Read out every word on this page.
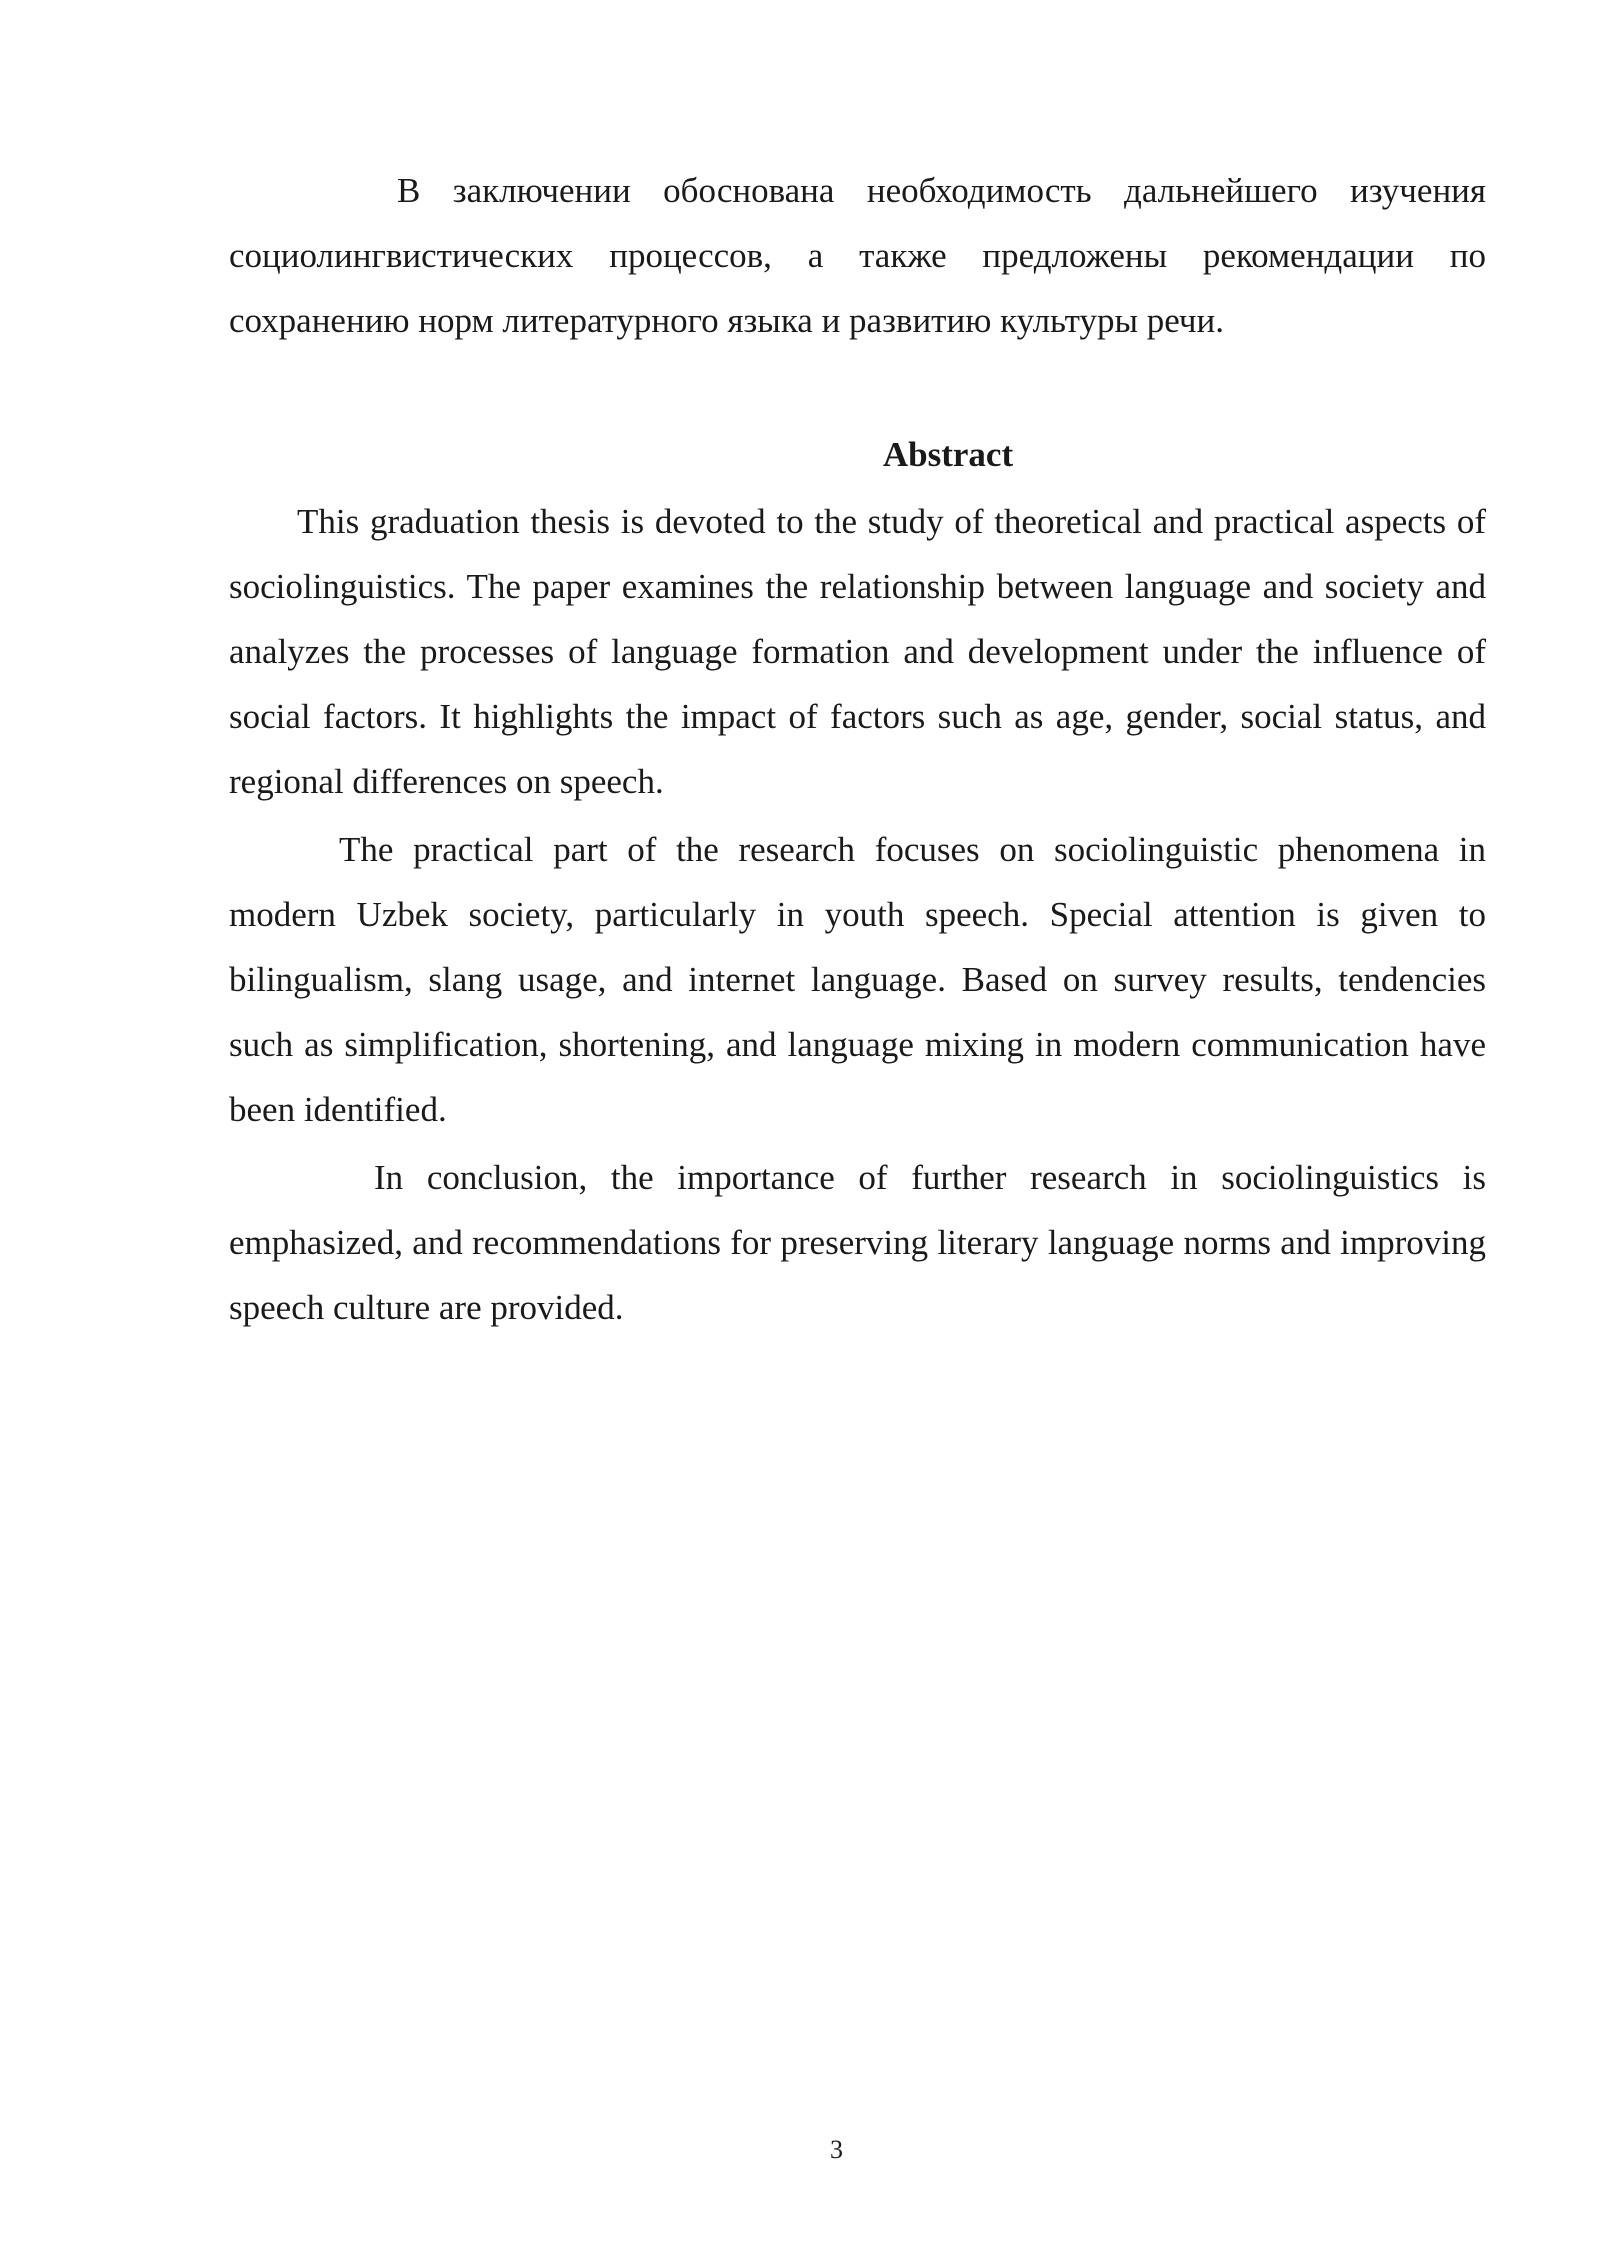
В заключении обоснована необходимость дальнейшего изучения социолингвистических процессов, а также предложены рекомендации по сохранению норм литературного языка и развитию культуры речи.

Abstract

This graduation thesis is devoted to the study of theoretical and practical aspects of sociolinguistics. The paper examines the relationship between language and society and analyzes the processes of language formation and development under the influence of social factors. It highlights the impact of factors such as age, gender, social status, and regional differences on speech.

The practical part of the research focuses on sociolinguistic phenomena in modern Uzbek society, particularly in youth speech. Special attention is given to bilingualism, slang usage, and internet language. Based on survey results, tendencies such as simplification, shortening, and language mixing in modern communication have been identified.

In conclusion, the importance of further research in sociolinguistics is emphasized, and recommendations for preserving literary language norms and improving speech culture are provided.

3
